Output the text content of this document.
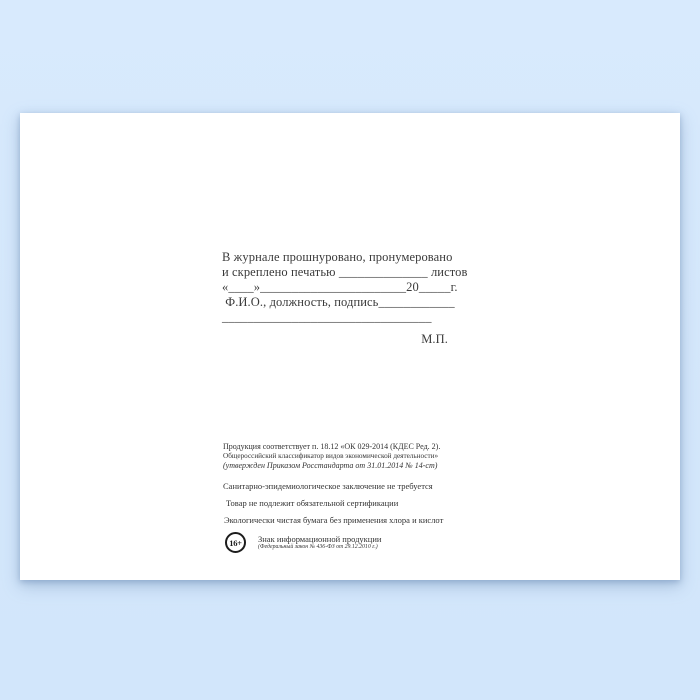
В журнале прошнуровано, пронумеровано
и скреплено печатью ______________ листов
«____»_______________________20_____г.
Ф.И.О., должность, подпись____________
_________________________________
М.П.
Продукция соответствует п. 18.12 «ОК 029-2014 (КДЕС Ред. 2).
Общероссийский классификатор видов экономической деятельности»
(утвержден Приказом Росстандарта от 31.01.2014 № 14-ст)
Санитарно-эпидемиологическое заключение не требуется
Товар не подлежит обязательной сертификации
Экологически чистая бумага без применения хлора и кислот
16+ Знак информационной продукции
(Федеральный закон № 436-ФЗ от 29.12.2010 г.)
